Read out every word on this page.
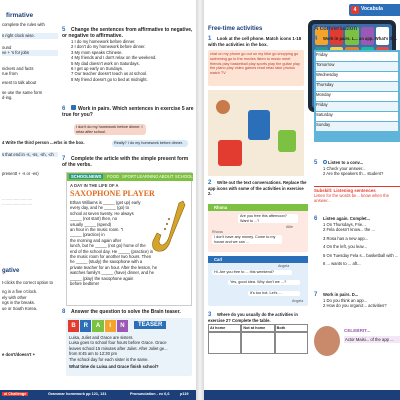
firmative
complete the rules with
s right clock wise.
ound
ve + 's for jobs
nickers and facts
rue from
esent to talk about
se use the same form
d-ing.
4 Write the third person ...erbs in the box.
s that end in -s, -ss, -sh, -ch
presentt + -s or -es)
..........................
..........................
gative
t-clicks the correct option to
ng in a five o'clock.
ely with other
ngs in the breaks.
ue or South Korea.
e don't/doesn't +
5 Change the sentences from affirmative to negative, or negative to affirmative.
1 I do my homework before dinner.
2 I don't do my homework before dinner.
3 My mom speaks Chinese.
4 My friends and I don't relax on the weekend.
5 My dad doesn't work on Saturdays.
6 I get up early on Sundays.
7 Our teacher doesn't teach us at school.
8 My friend doesn't go to bed at midnight.
6	Work in pairs. Which sentences in exercise 5 are true for you?
I don't do my homework before dinner. I relax after school.
Really? I do my homework before dinner.
7 Complete the article with the simple present form of the verbs.
SCHOOLNEWS	FOOD SPORT LEARNING ABOUT SCHOOLS
A DAY IN THE LIFE OF A
SAXOPHONE PLAYER
Ethan Williams is _____ (get up) early
every day, and he _____ (go) to
school at seven twenty. He always
_____ (not start) then, no
usually _____ (spend)
an hour in the music room. "I
_____ (practice) in
the morning and again after
lunch, but he _____ (not go) home of the
end of the school day. He _____ (practice) in
the music room for another two hours. Then
he _____ (study) the saxophone with a
private teacher for an hour. After the lesson, he
watches family's _____ (have) dinner, and he
_____ (play) the saxophone again
before bedtime!
8 Answer the question to solve the Brain teaser.
B	R	A	I	N	TEASER
Luisa, Juliet and Grace are sisters.
Luisa goes to school four hours before Grace. Grace
leaves school 15 minutes after Juliet. After Juliet ge...
from 8:45 am to 12:30 pm
The school day for each sister is the same.
What time do Luisa and Grace finish school?
al Challenge	Grammar homework pp 121, 131	Pronunciation - ex 6,6	p119
Free-time activities
1 Look at the cell phone. Match icons 1-18 with the activities in the box.
chat on my phone go out on my bike go shopping go swimming go to the movies listen to music meet friends play basketball play sports play the guitar play the piano play video games read relax take photos watch TV
2 Write out the text conversations. Replace the app icons with some of the activities in exercise 2.
Rhona
Are you free this afternoon? Want to ...?
Alfie
Rhona
I don't have any money. Come to my house and we can ...
Carl
Angela
Hi. Are you free to ... this weekend?
Yes, good idea. Why don't we ...?
It's too hot. Let's ...
Angela
3 Where do you usually do the activities in exercise 2? Complete the table.
At home	Not at home	Both
4 Vocabula
A conversation
4 Work in pairs. L... an app. What's th...
Friday
Tomorrow
Wednesday
Thursday
Monday
Friday
Saturday
Sunday
5	Listen to a conv...
1 Check your answer...
2 Are the speakers th... student?
Subskill: Listening sentences
Listen for the words be... know when the answer...
6 Listen again. Complet...
1 On Thursdays, Frie...
2 Fela doesn't know... the ...
3 Rosa has a new app...
4 On the left, you leav...
5 On Tuesday Fela s... basketball with ...
6 ... wants to ... aft...
7 Work in pairs. D...
1 Do you think an app...
2 How do you organiz... activities?
CELEBRIT...
Actor Maisi... of the app ...
